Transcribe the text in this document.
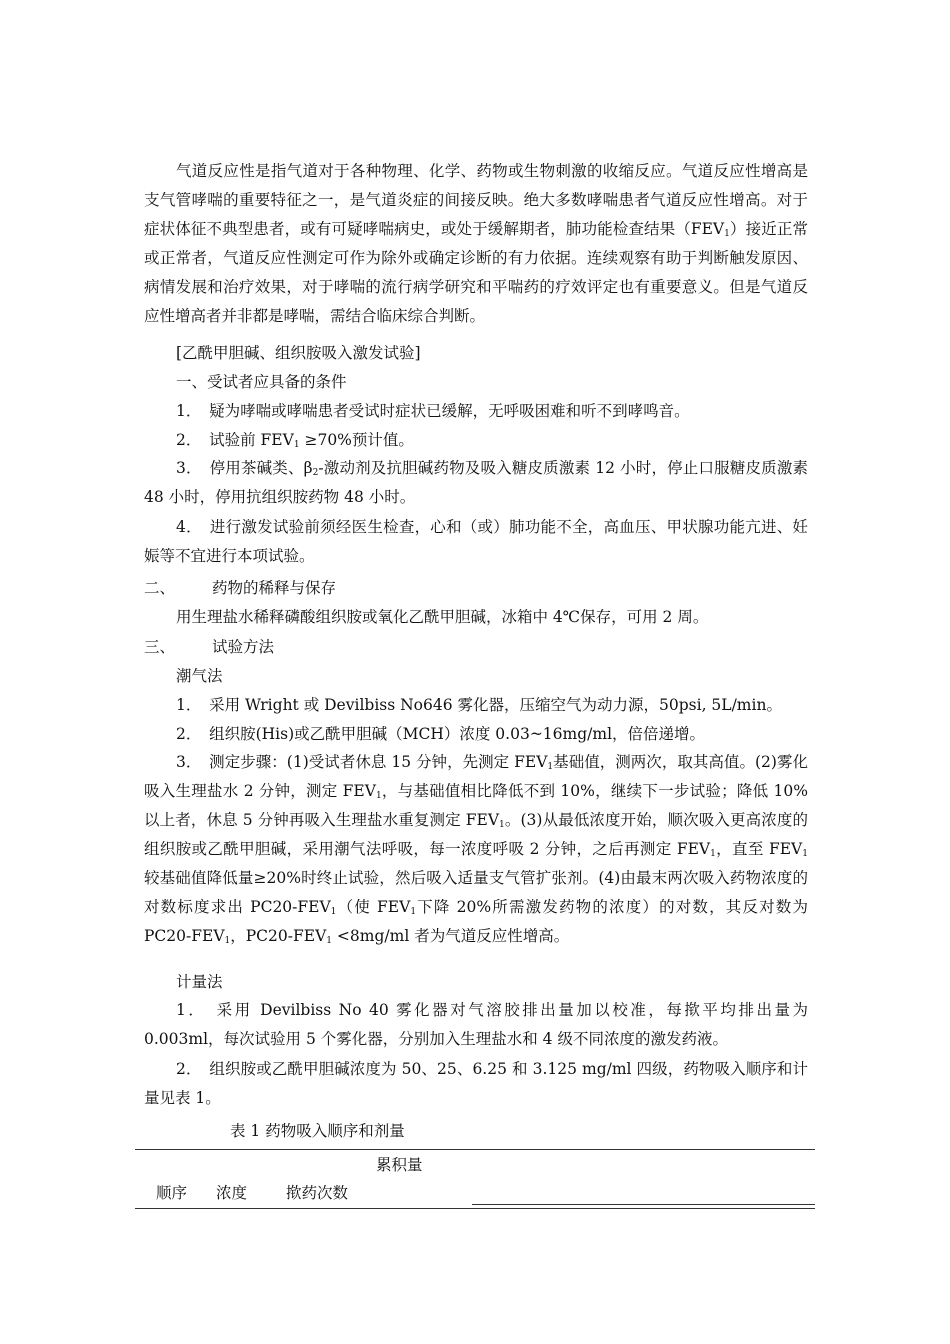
气道反应性是指气道对于各种物理、化学、药物或生物刺激的收缩反应。气道反应性增高是支气管哮喘的重要特征之一，是气道炎症的间接反映。绝大多数哮喘患者气道反应性增高。对于症状体征不典型患者，或有可疑哮喘病史，或处于缓解期者，肺功能检查结果$(FEV_1)$接近正常或正常者，气道反应性测定可作为除外或确定诊断的有力依据。连续观察有助于判断触发原因、病情发展和治疗效果，对于哮喘的流行病学研究和平喘药的疗效评定也有重要意义。但是气道反应性增高者并非都是哮喘，需结合临床综合判断。

[乙酰甲胆碱、组织胺吸入激发试验]

一、受试者应具备的条件

1．　疑为哮喘或哮喘患者受试时症状已缓解，无呼吸困难和听不到哮鸣音。

2．　试验前 $FEV_1 \ge 70\%$预计值。

3．　停用茶碱类、$\beta_2-$激动剂及抗胆碱药物及吸入糖皮质激素 12 小时，停止口服糖皮质激素 48 小时，停用抗组织胺药物 48 小时。

4．　进行激发试验前须经医生检查，心和（或）肺功能不全，高血压、甲状腺功能亢进、妊娠等不宜进行本项试验。

二、 药物的稀释与保存

用生理盐水稀释磷酸组织胺或氧化乙酰甲胆碱，冰箱中 4℃保存，可用 2 周。

三、 试验方法

潮气法

1．　采用 Wright 或 Devilbiss No646 雾化器，压缩空气为动力源，50psi, 5L/min。

2．　组织胺(His)或乙酰甲胆碱（MCH）浓度 0.03~16mg/ml，倍倍递增。

3．　测定步骤：(1)受试者休息 15 分钟，先测定 $FEV_1$基础值，测两次，取其高值。(2)雾化吸入生理盐水 2 分钟，测定 $FEV_1$，与基础值相比降低不到 10%，继续下一步试验；降低 10%以上者，休息 5 分钟再吸入生理盐水重复测定 $FEV_1$。(3)从最低浓度开始，顺次吸入更高浓度的组织胺或乙酰甲胆碱，采用潮气法呼吸，每一浓度呼吸 2 分钟，之后再测定 $FEV_1$，直至 $FEV_1$较基础值降低量≥20%时终止试验，然后吸入适量支气管扩张剂。(4)由最末两次吸入药物浓度的对数标度求出 $PC20-FEV_1$（使 $FEV_1$下降 20%所需激发药物的浓度）的对数，其反对数为 $PC20-FEV_1$，$PC20-FEV_1 <8mg/ml$ 者为气道反应性增高。

计量法

1．　采用 Devilbiss No 40 雾化器对气溶胶排出量加以校准，每揿平均排出量为 0.003ml，每次试验用 5 个雾化器，分别加入生理盐水和 4 级不同浓度的激发药液。

2．　组织胺或乙酰甲胆碱浓度为 50、25、6.25 和 3.125 mg/ml 四级，药物吸入顺序和计量见表 1。

表 1 药物吸入顺序和剂量

累积量

顺序 浓度	揿药次数
